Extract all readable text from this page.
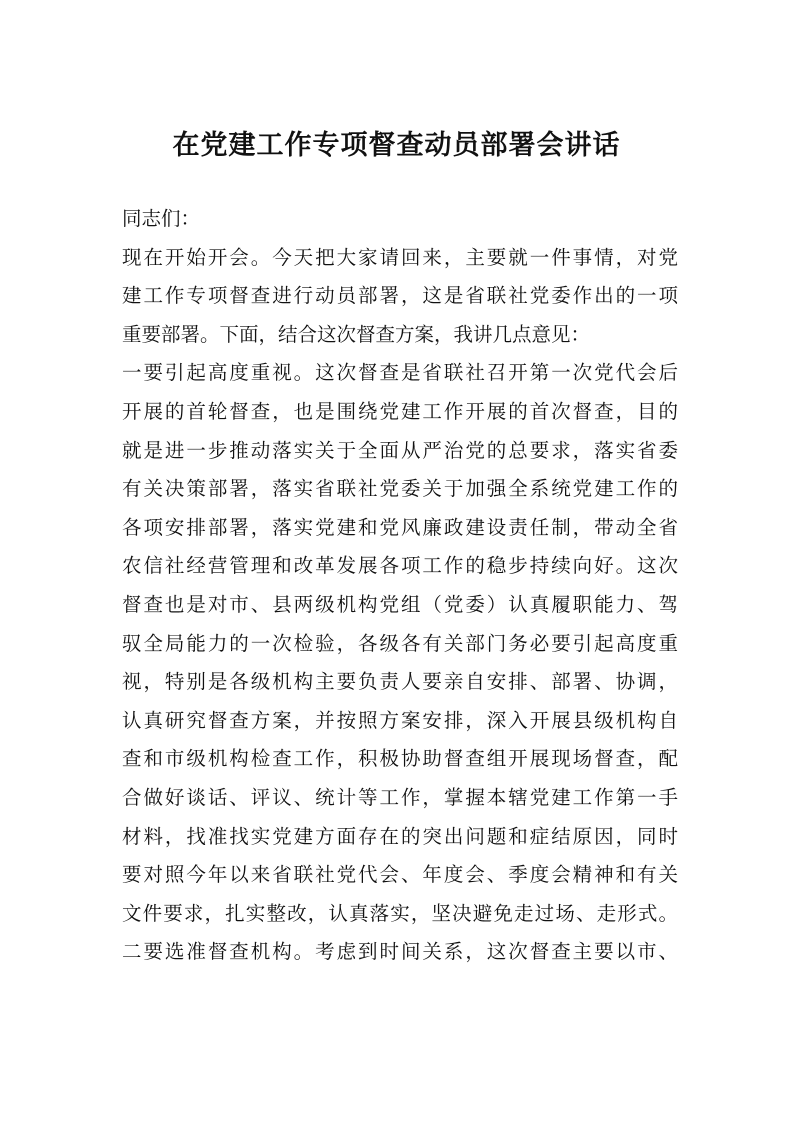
在党建工作专项督查动员部署会讲话
同志们：
现在开始开会。今天把大家请回来，主要就一件事情，对党
建工作专项督查进行动员部署，这是省联社党委作出的一项
重要部署。下面，结合这次督查方案，我讲几点意见：
一要引起高度重视。这次督查是省联社召开第一次党代会后
开展的首轮督查，也是围绕党建工作开展的首次督查，目的
就是进一步推动落实关于全面从严治党的总要求，落实省委
有关决策部署，落实省联社党委关于加强全系统党建工作的
各项安排部署，落实党建和党风廉政建设责任制，带动全省
农信社经营管理和改革发展各项工作的稳步持续向好。这次
督查也是对市、县两级机构党组（党委）认真履职能力、驾
驭全局能力的一次检验，各级各有关部门务必要引起高度重
视，特别是各级机构主要负责人要亲自安排、部署、协调，
认真研究督查方案，并按照方案安排，深入开展县级机构自
查和市级机构检查工作，积极协助督查组开展现场督查，配
合做好谈话、评议、统计等工作，掌握本辖党建工作第一手
材料，找准找实党建方面存在的突出问题和症结原因，同时
要对照今年以来省联社党代会、年度会、季度会精神和有关
文件要求，扎实整改，认真落实，坚决避免走过场、走形式。
二要选准督查机构。考虑到时间关系，这次督查主要以市、
